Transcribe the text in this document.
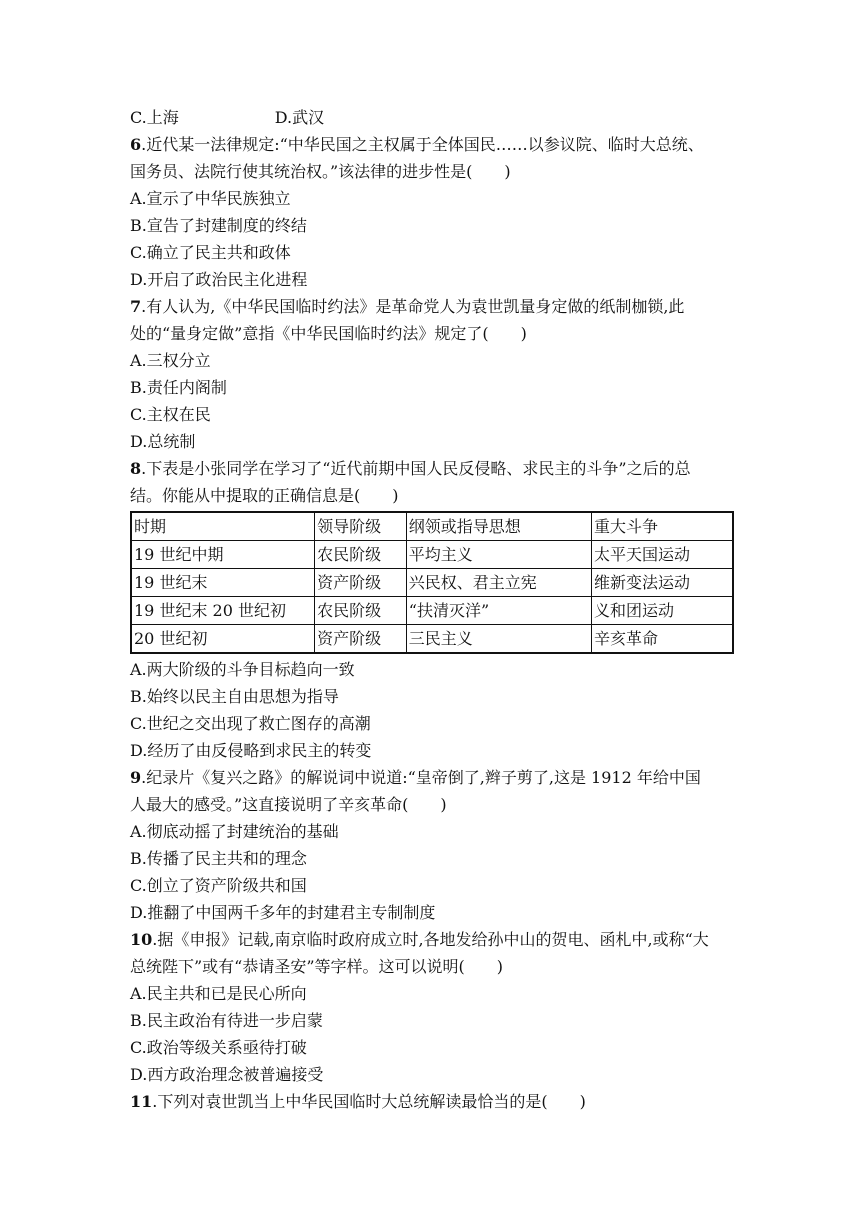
C.上海	D.武汉
6.近代某一法律规定:“中华民国之主权属于全体国民……以参议院、临时大总统、
国务员、法院行使其统治权。”该法律的进步性是(　　)
A.宣示了中华民族独立
B.宣告了封建制度的终结
C.确立了民主共和政体
D.开启了政治民主化进程
7.有人认为,《中华民国临时约法》是革命党人为袁世凯量身定做的纸制枷锁,此
处的“量身定做”意指《中华民国临时约法》规定了(　　)
A.三权分立
B.责任内阁制
C.主权在民
D.总统制
8.下表是小张同学在学习了“近代前期中国人民反侵略、求民主的斗争”之后的总
结。你能从中提取的正确信息是(　　)
时期	领导阶级	纲领或指导思想	重大斗争
19 世纪中期	农民阶级	平均主义	太平天国运动
19 世纪末	资产阶级	兴民权、君主立宪	维新变法运动
19 世纪末 20 世纪初	农民阶级	“扶清灭洋”	义和团运动
20 世纪初	资产阶级	三民主义	辛亥革命
A.两大阶级的斗争目标趋向一致
B.始终以民主自由思想为指导
C.世纪之交出现了救亡图存的高潮
D.经历了由反侵略到求民主的转变
9.纪录片《复兴之路》的解说词中说道:“皇帝倒了,辫子剪了,这是 1912 年给中国
人最大的感受。”这直接说明了辛亥革命(　　)
A.彻底动摇了封建统治的基础
B.传播了民主共和的理念
C.创立了资产阶级共和国
D.推翻了中国两千多年的封建君主专制制度
10.据《申报》记载,南京临时政府成立时,各地发给孙中山的贺电、函札中,或称“大
总统陛下”或有“恭请圣安”等字样。这可以说明(　　)
A.民主共和已是民心所向
B.民主政治有待进一步启蒙
C.政治等级关系亟待打破
D.西方政治理念被普遍接受
11.下列对袁世凯当上中华民国临时大总统解读最恰当的是(　　)
